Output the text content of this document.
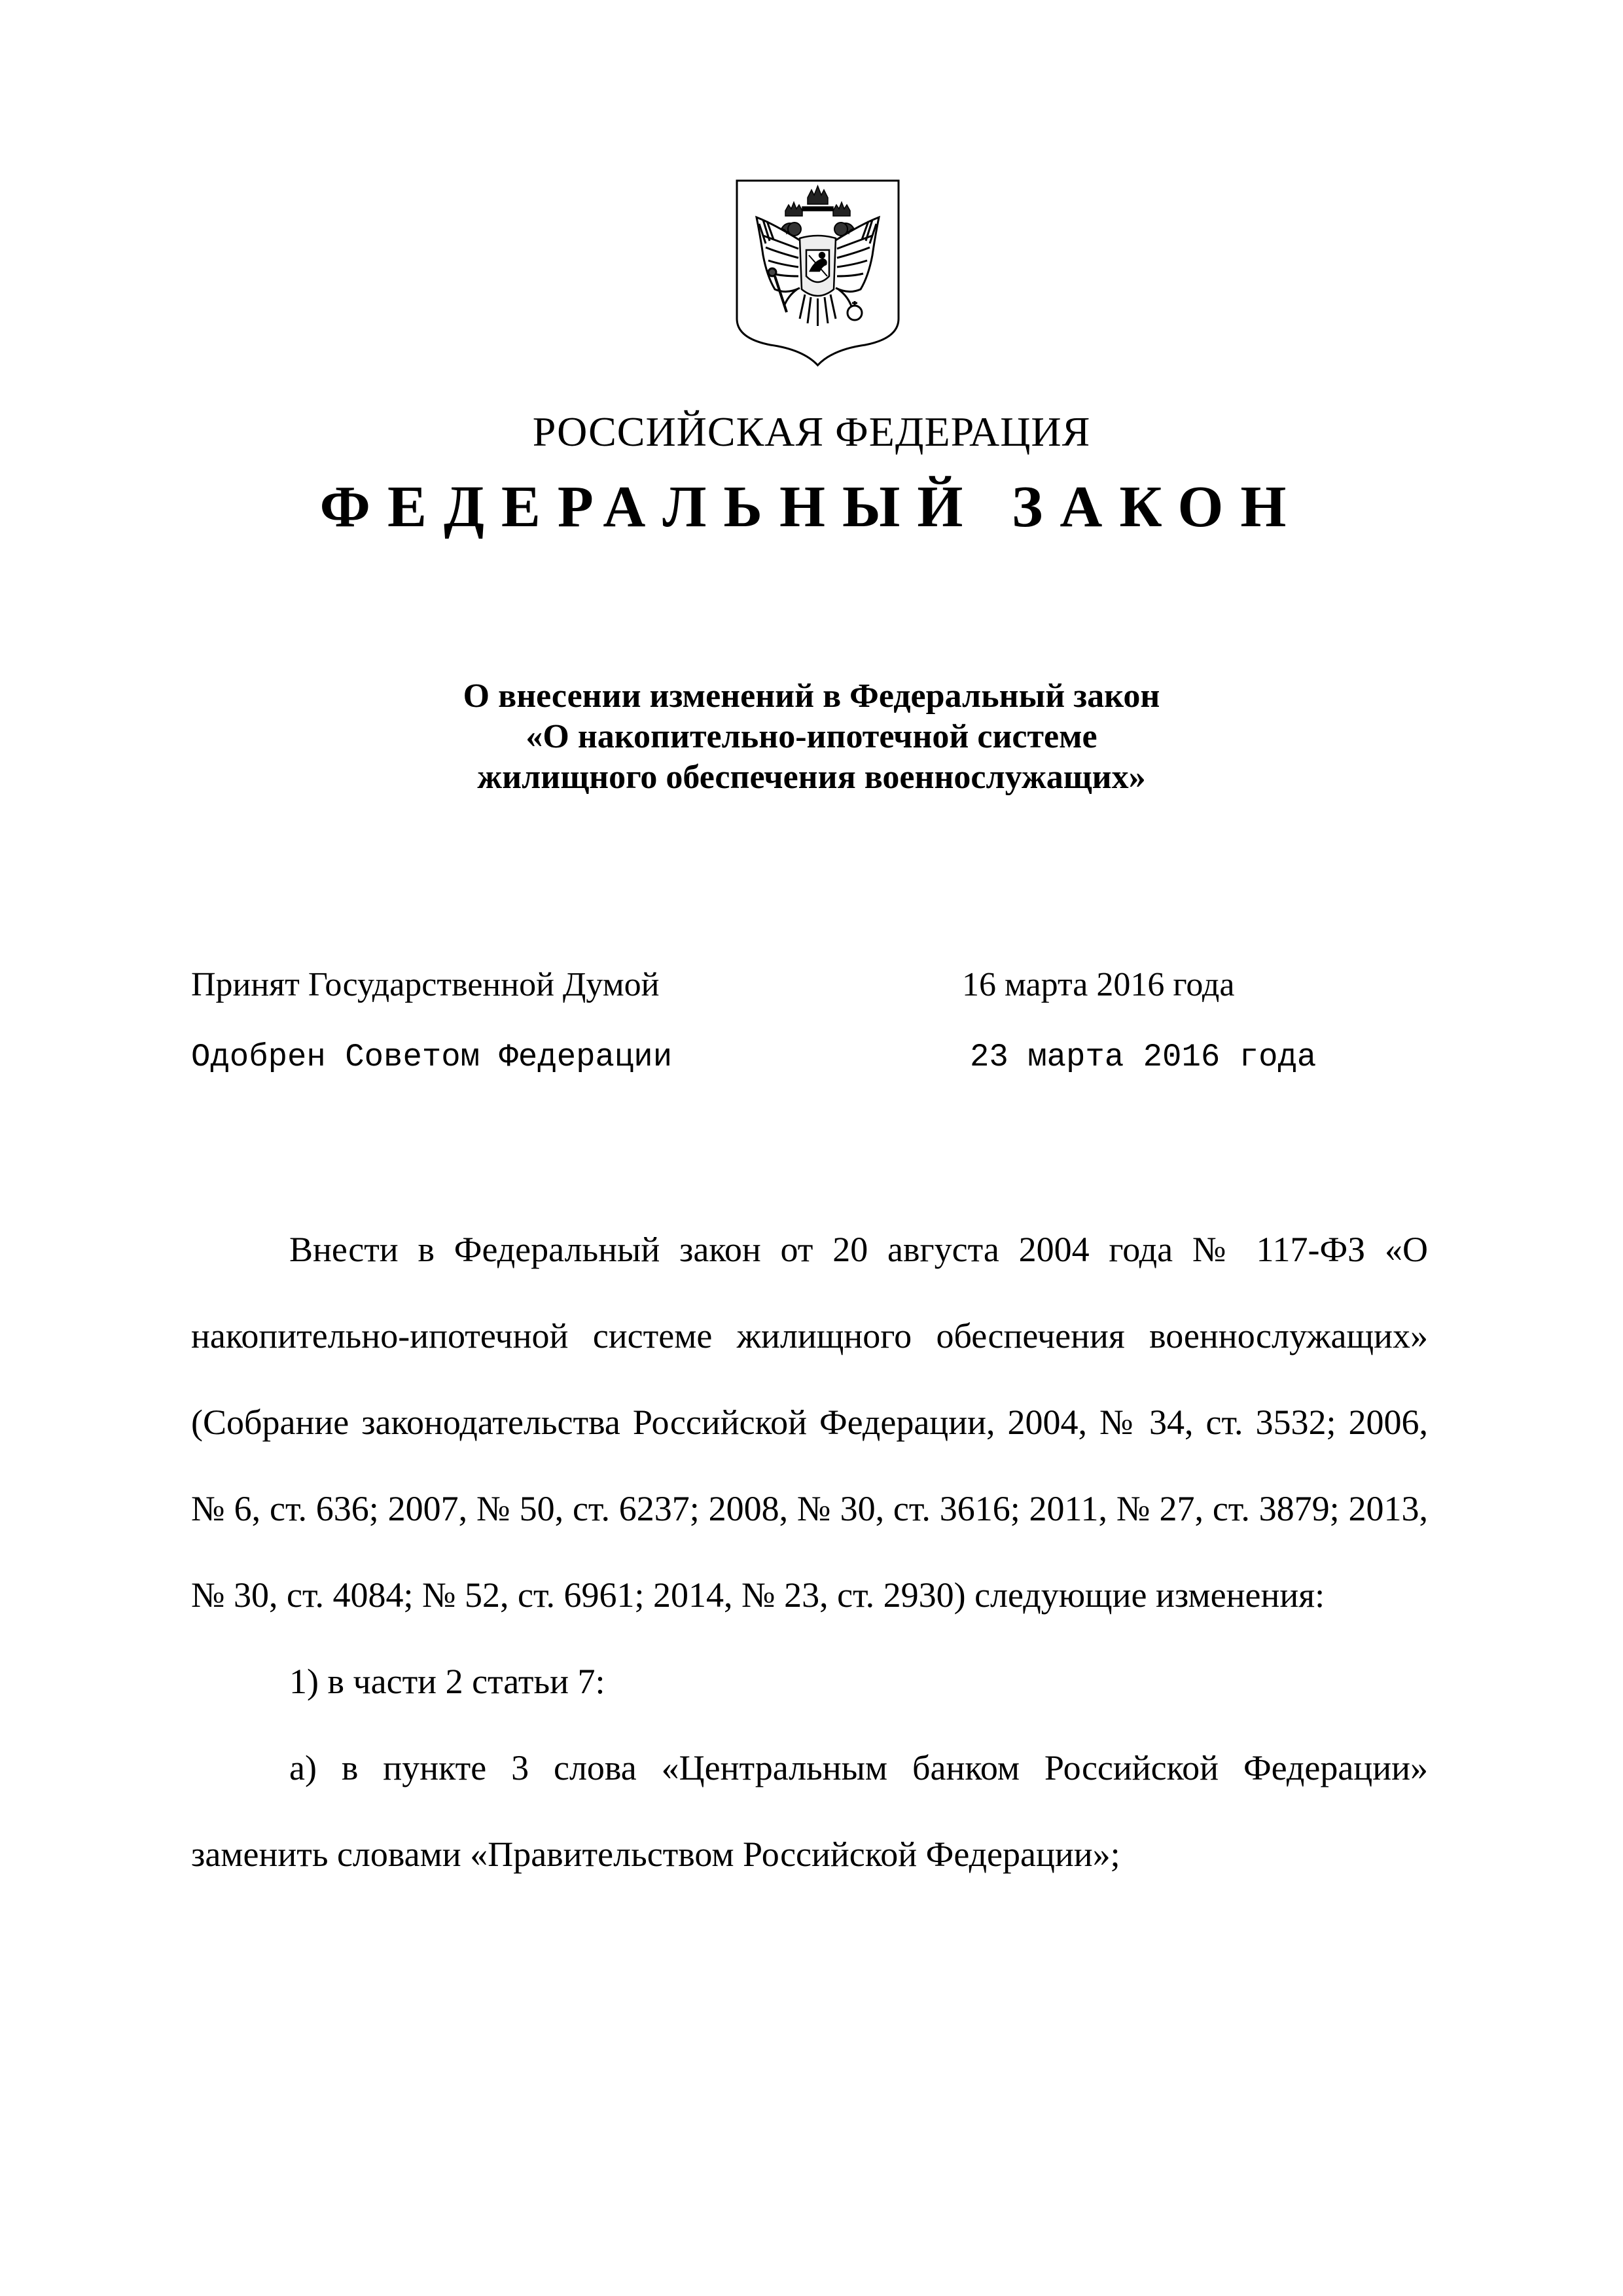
РОССИЙСКАЯ ФЕДЕРАЦИЯ
ФЕДЕРАЛЬНЫЙ ЗАКОН
О внесении изменений в Федеральный закон
«О накопительно-ипотечной системе
жилищного обеспечения военнослужащих»
Принят Государственной Думой	16 марта 2016 года
Одобрен Советом Федерации	23 марта 2016 года

Внести в Федеральный закон от 20 августа 2004 года № 117-ФЗ «О накопительно-ипотечной системе жилищного обеспечения военнослужащих» (Собрание законодательства Российской Федерации, 2004, № 34, ст. 3532; 2006, № 6, ст. 636; 2007, № 50, ст. 6237; 2008, № 30, ст. 3616; 2011, № 27, ст. 3879; 2013, № 30, ст. 4084; № 52, ст. 6961; 2014, № 23, ст. 2930) следующие изменения:

1) в части 2 статьи 7:

а) в пункте 3 слова «Центральным банком Российской Федерации» заменить словами «Правительством Российской Федерации»;
